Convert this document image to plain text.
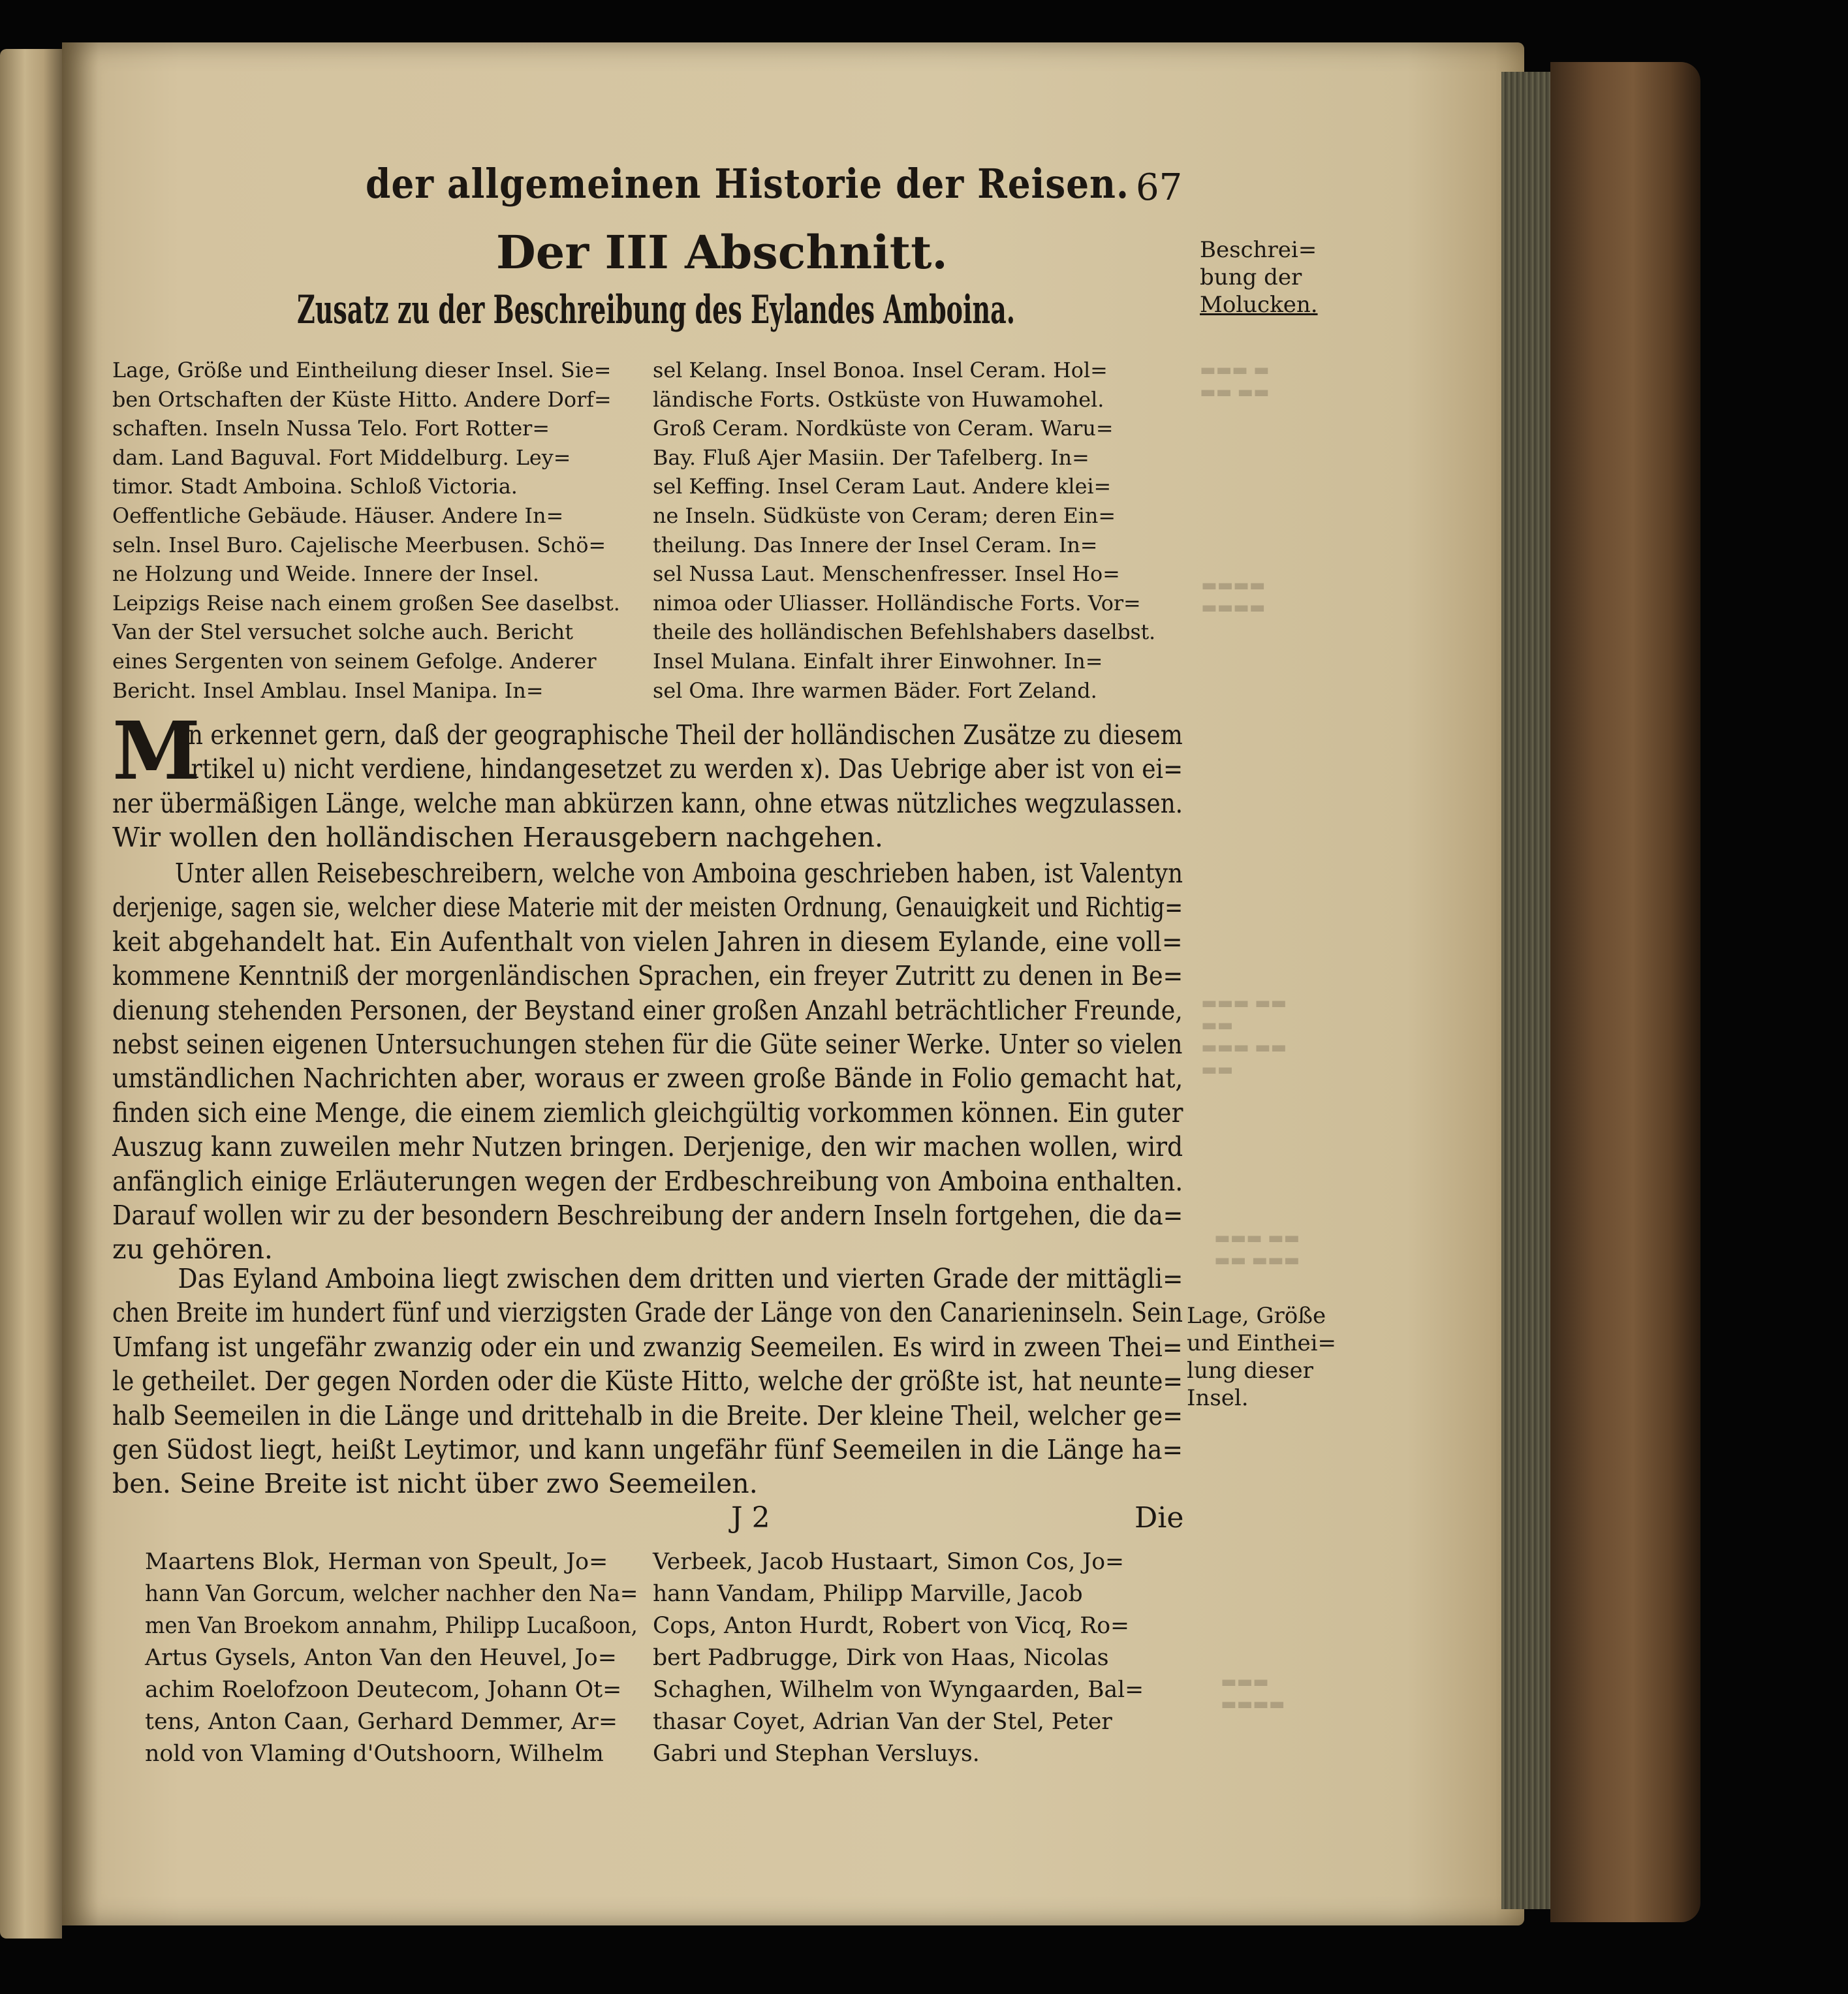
▬▬▬ ▬
▬▬ ▬▬
▬▬▬▬
▬▬▬▬
▬▬▬ ▬▬
▬▬
▬▬▬ ▬▬
▬▬
▬▬▬ ▬▬
▬▬ ▬▬▬
▬▬▬
▬▬▬▬
der allgemeinen Historie der Reisen. 67
Der III Abschnitt.
Zusatz zu der Beschreibung des Eylandes Amboina.
Beschrei=
bung der
Molucken.
Lage, Größe und Eintheilung dieser Insel. Sie=
ben Ortschaften der Küste Hitto. Andere Dorf=
schaften. Inseln Nussa Telo. Fort Rotter=
dam. Land Baguval. Fort Middelburg. Ley=
timor. Stadt Amboina. Schloß Victoria.
Oeffentliche Gebäude. Häuser. Andere In=
seln. Insel Buro. Cajelische Meerbusen. Schö=
ne Holzung und Weide. Innere der Insel.
Leipzigs Reise nach einem großen See daselbst.
Van der Stel versuchet solche auch. Bericht
eines Sergenten von seinem Gefolge. Anderer
Bericht. Insel Amblau. Insel Manipa. In=
sel Kelang. Insel Bonoa. Insel Ceram. Hol=
ländische Forts. Ostküste von Huwamohel.
Groß Ceram. Nordküste von Ceram. Waru=
Bay. Fluß Ajer Masiin. Der Tafelberg. In=
sel Keffing. Insel Ceram Laut. Andere klei=
ne Inseln. Südküste von Ceram; deren Ein=
theilung. Das Innere der Insel Ceram. In=
sel Nussa Laut. Menschenfresser. Insel Ho=
nimoa oder Uliasser. Holländische Forts. Vor=
theile des holländischen Befehlshabers daselbst.
Insel Mulana. Einfalt ihrer Einwohner. In=
sel Oma. Ihre warmen Bäder. Fort Zeland.
M
an erkennet gern, daß der geographische Theil der holländischen Zusätze zu diesem
Artikel u) nicht verdiene, hindangesetzet zu werden x). Das Uebrige aber ist von ei=
ner übermäßigen Länge, welche man abkürzen kann, ohne etwas nützliches wegzulassen.
Wir wollen den holländischen Herausgebern nachgehen.
Unter allen Reisebeschreibern, welche von Amboina geschrieben haben, ist Valentyn
derjenige, sagen sie, welcher diese Materie mit der meisten Ordnung, Genauigkeit und Richtig=
keit abgehandelt hat. Ein Aufenthalt von vielen Jahren in diesem Eylande, eine voll=
kommene Kenntniß der morgenländischen Sprachen, ein freyer Zutritt zu denen in Be=
dienung stehenden Personen, der Beystand einer großen Anzahl beträchtlicher Freunde,
nebst seinen eigenen Untersuchungen stehen für die Güte seiner Werke. Unter so vielen
umständlichen Nachrichten aber, woraus er zween große Bände in Folio gemacht hat,
finden sich eine Menge, die einem ziemlich gleichgültig vorkommen können. Ein guter
Auszug kann zuweilen mehr Nutzen bringen. Derjenige, den wir machen wollen, wird
anfänglich einige Erläuterungen wegen der Erdbeschreibung von Amboina enthalten.
Darauf wollen wir zu der besondern Beschreibung der andern Inseln fortgehen, die da=
zu gehören.
Das Eyland Amboina liegt zwischen dem dritten und vierten Grade der mittägli=
chen Breite im hundert fünf und vierzigsten Grade der Länge von den Canarieninseln. Sein
Umfang ist ungefähr zwanzig oder ein und zwanzig Seemeilen. Es wird in zween Thei=
le getheilet. Der gegen Norden oder die Küste Hitto, welche der größte ist, hat neunte=
halb Seemeilen in die Länge und drittehalb in die Breite. Der kleine Theil, welcher ge=
gen Südost liegt, heißt Leytimor, und kann ungefähr fünf Seemeilen in die Länge ha=
ben. Seine Breite ist nicht über zwo Seemeilen.
Lage, Größe
und Einthei=
lung dieser
Insel.
J 2	Die
Maartens Blok, Herman von Speult, Jo=
hann Van Gorcum, welcher nachher den Na=
men Van Broekom annahm, Philipp Lucaßoon,
Artus Gysels, Anton Van den Heuvel, Jo=
achim Roelofzoon Deutecom, Johann Ot=
tens, Anton Caan, Gerhard Demmer, Ar=
nold von Vlaming d'Outshoorn, Wilhelm
Verbeek, Jacob Hustaart, Simon Cos, Jo=
hann Vandam, Philipp Marville, Jacob
Cops, Anton Hurdt, Robert von Vicq, Ro=
bert Padbrugge, Dirk von Haas, Nicolas
Schaghen, Wilhelm von Wyngaarden, Bal=
thasar Coyet, Adrian Van der Stel, Peter
Gabri und Stephan Versluys.
